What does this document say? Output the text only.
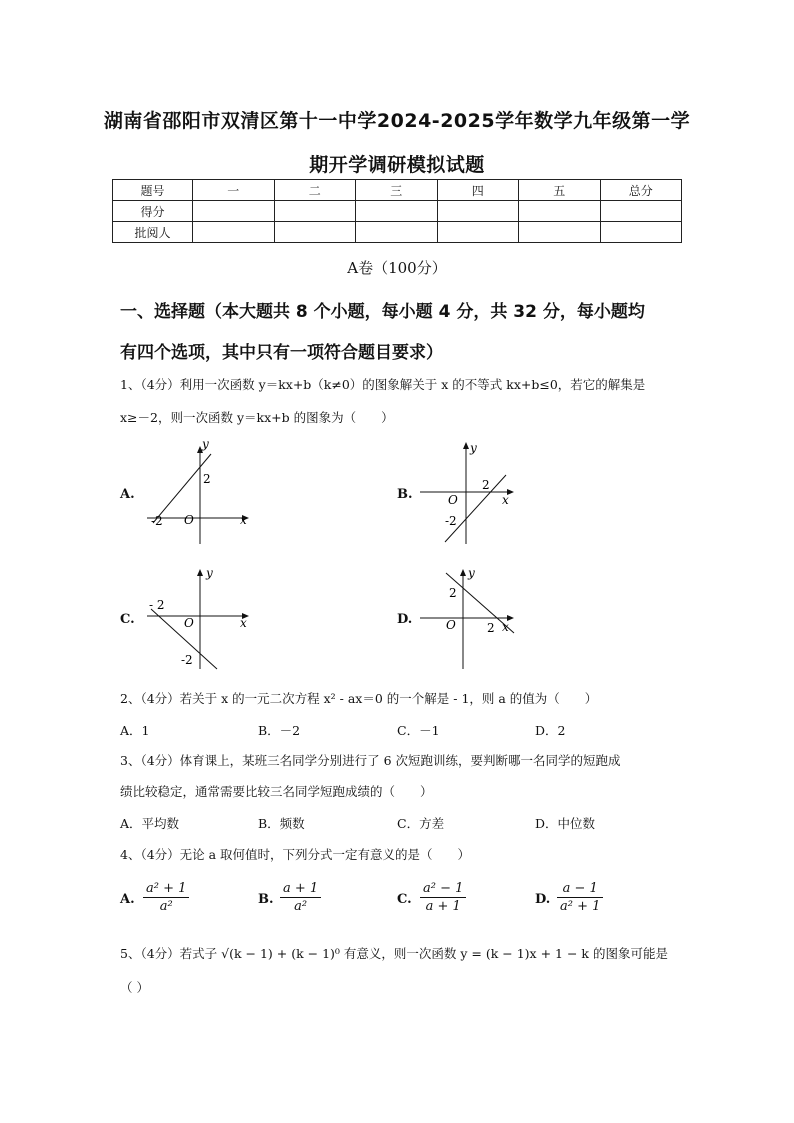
湖南省邵阳市双清区第十一中学2024-2025学年数学九年级第一学
期开学调研模拟试题
题号	一	二	三	四	五	总分
得分						
批阅人						
A卷（100分）
一、选择题（本大题共 8 个小题，每小题 4 分，共 32 分，每小题均
有四个选项，其中只有一项符合题目要求）
1、（4分）利用一次函数 y＝kx+b（k≠0）的图象解关于 x 的不等式 kx+b≤0，若它的解集是
x≥－2，则一次函数 y＝kx+b 的图象为（　　）
A.
y
x
O
2
-2
B.
y
x
O
2
-2
C.
y
x
O
- 2
-2
D.
y
x
O
2
2
2、（4分）若关于 x 的一元二次方程 x² - ax＝0 的一个解是 - 1，则 a 的值为（　　）
A．1	B．－2	C．－1	D．2
3、（4分）体育课上，某班三名同学分别进行了 6 次短跑训练，要判断哪一名同学的短跑成
绩比较稳定，通常需要比较三名同学短跑成绩的（　　）
A．平均数	B．频数	C．方差	D．中位数
4、（4分）无论 a 取何值时，下列分式一定有意义的是（　　）
A. $\frac{\text{a² + 1}}{\text{a²}}$	B. $\frac{a + 1}{\text{a²}}$	C. $\frac{\text{a² − 1}}{a + 1}$	D. $\frac{a - 1}{\text{a² + 1}}$
5、（4分）若式子 √(k − 1) + (k − 1)⁰ 有意义，则一次函数 y = (k − 1)x + 1 − k 的图象可能是
（ ）
